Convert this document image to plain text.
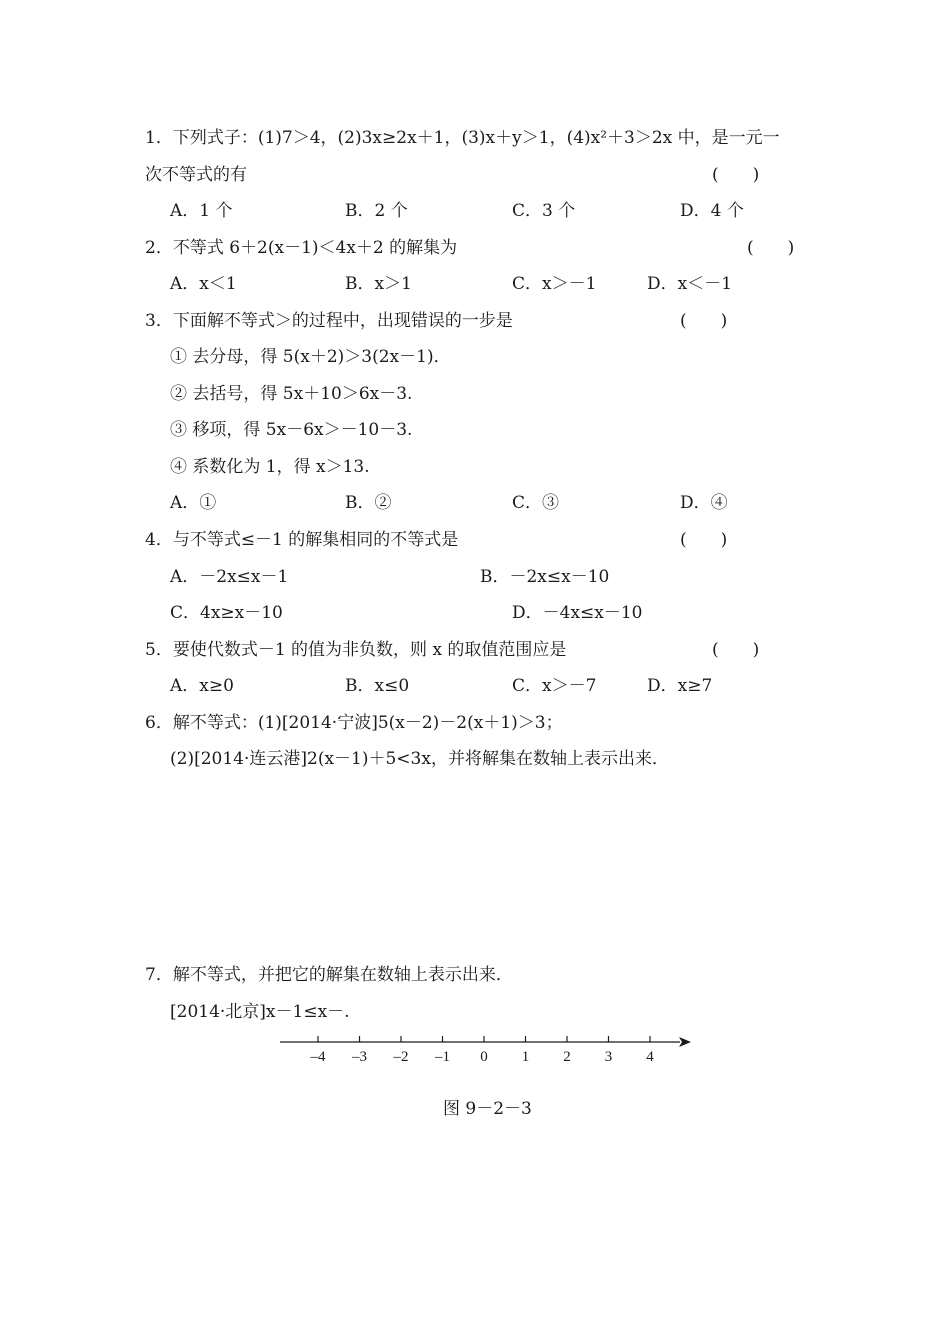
1．下列式子：(1)7＞4，(2)3x≥2x＋1，(3)x＋y＞1，(4)x²＋3＞2x 中，是一元一
次不等式的有	(　　)
A．1 个	B．2 个	C．3 个	D．4 个
2．不等式 6＋2(x－1)＜4x＋2 的解集为	(　　)
A．x＜1	B．x＞1	C．x＞－1	D．x＜－1
3．下面解不等式＞的过程中，出现错误的一步是	(　　)
① 去分母，得 5(x＋2)＞3(2x－1)．
② 去括号，得 5x＋10＞6x－3.
③ 移项，得 5x－6x＞－10－3.
④ 系数化为 1，得 x＞13.
A．①	B．②	C．③	D．④
4．与不等式≤－1 的解集相同的不等式是	(　　)
A．－2x≤x－1	B．－2x≤x－10
C．4x≥x－10	D．－4x≤x－10
5．要使代数式－1 的值为非负数，则 x 的取值范围应是	(　　)
A．x≥0	B．x≤0	C．x＞－7	D．x≥7
6．解不等式：(1)[2014·宁波]5(x－2)－2(x＋1)＞3；
(2)[2014·连云港]2(x－1)＋5<3x，并将解集在数轴上表示出来．
7．解不等式，并把它的解集在数轴上表示出来．
[2014·北京]x－1≤x－.
–4 –3 –2 –1 0 1 2 3 4
图 9－2－3
